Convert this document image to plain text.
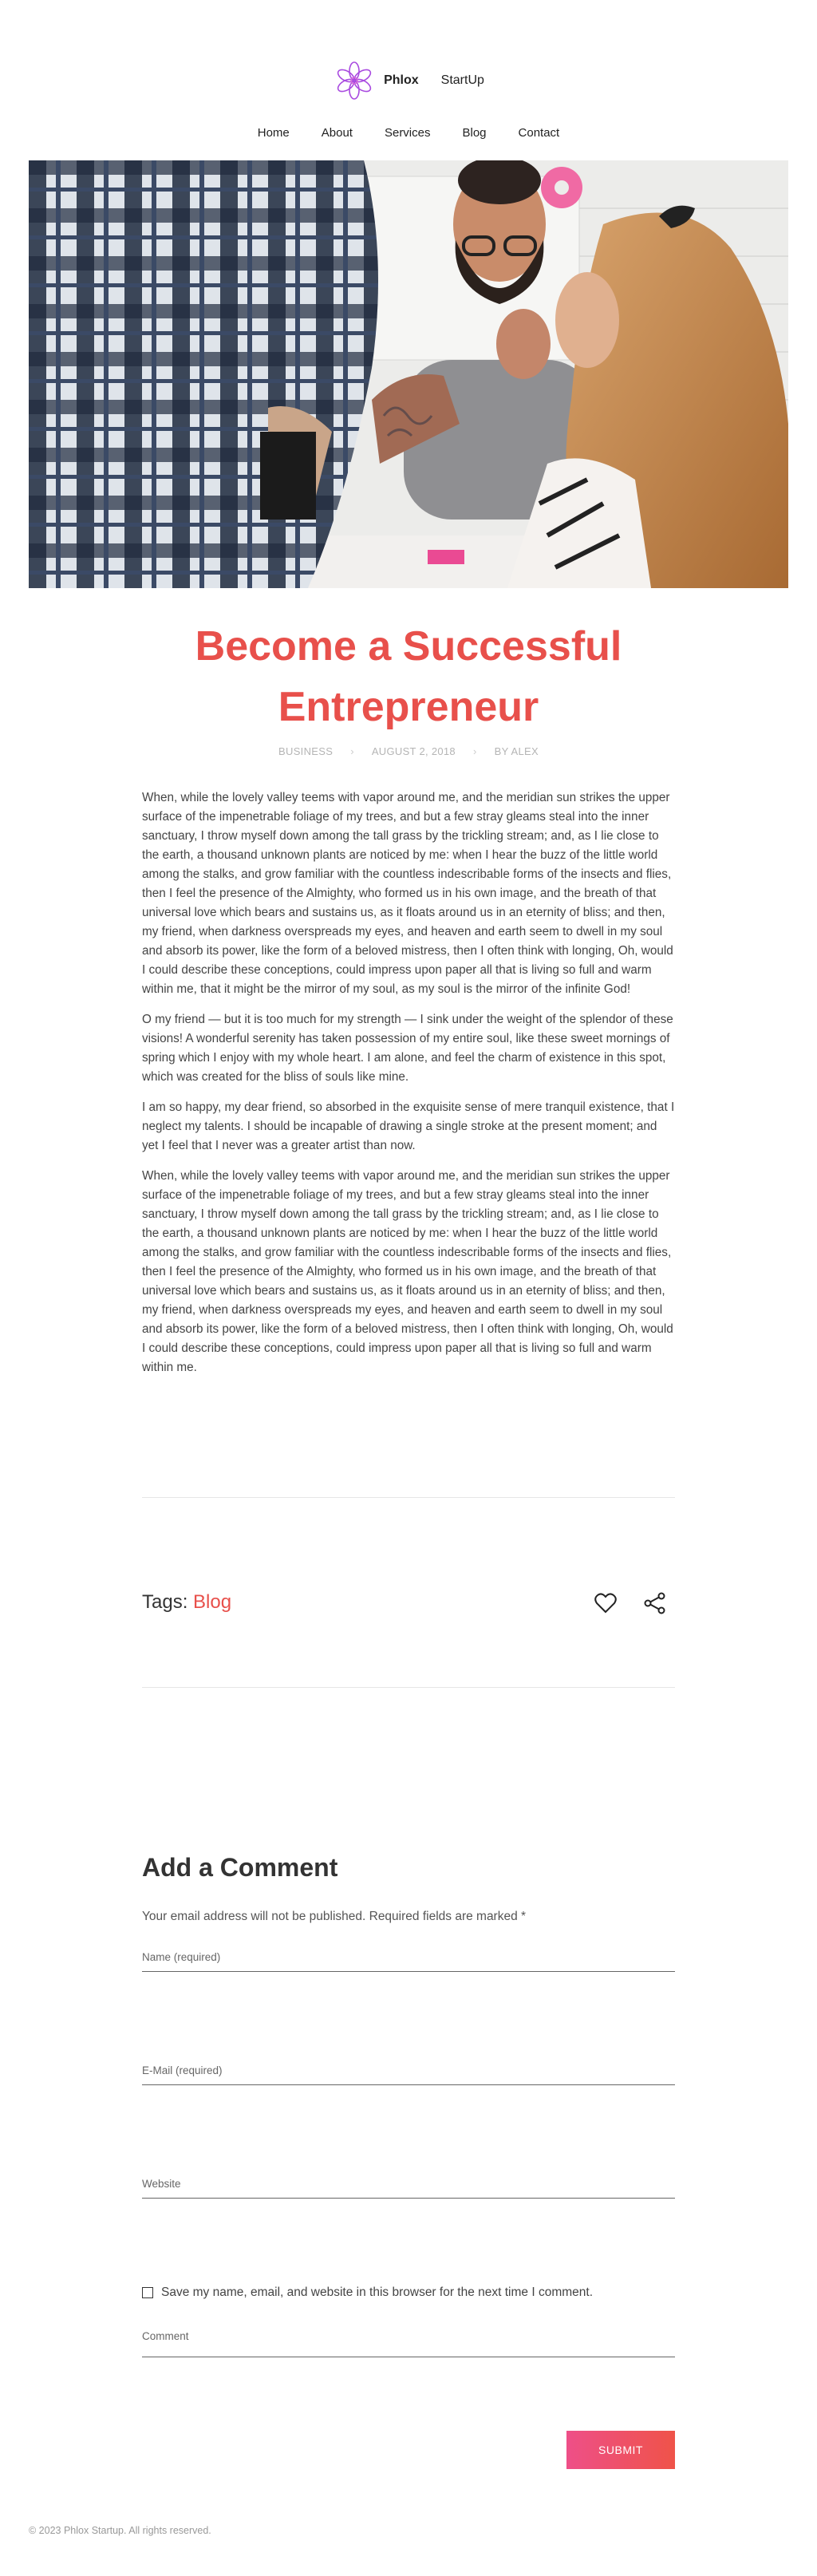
Phlox StartUp
Home	About	Services	Blog	Contact
Become a Successful
Entrepreneur
BUSINESS › AUGUST 2, 2018 › BY ALEX

When, while the lovely valley teems with vapor around me, and the meridian sun strikes the upper surface of the impenetrable foliage of my trees, and but a few stray gleams steal into the inner sanctuary, I throw myself down among the tall grass by the trickling stream; and, as I lie close to the earth, a thousand unknown plants are noticed by me: when I hear the buzz of the little world among the stalks, and grow familiar with the countless indescribable forms of the insects and flies, then I feel the presence of the Almighty, who formed us in his own image, and the breath of that universal love which bears and sustains us, as it floats around us in an eternity of bliss; and then, my friend, when darkness overspreads my eyes, and heaven and earth seem to dwell in my soul and absorb its power, like the form of a beloved mistress, then I often think with longing, Oh, would I could describe these conceptions, could impress upon paper all that is living so full and warm within me, that it might be the mirror of my soul, as my soul is the mirror of the infinite God!

O my friend — but it is too much for my strength — I sink under the weight of the splendor of these visions! A wonderful serenity has taken possession of my entire soul, like these sweet mornings of spring which I enjoy with my whole heart. I am alone, and feel the charm of existence in this spot, which was created for the bliss of souls like mine.

I am so happy, my dear friend, so absorbed in the exquisite sense of mere tranquil existence, that I neglect my talents. I should be incapable of drawing a single stroke at the present moment; and yet I feel that I never was a greater artist than now.

When, while the lovely valley teems with vapor around me, and the meridian sun strikes the upper surface of the impenetrable foliage of my trees, and but a few stray gleams steal into the inner sanctuary, I throw myself down among the tall grass by the trickling stream; and, as I lie close to the earth, a thousand unknown plants are noticed by me: when I hear the buzz of the little world among the stalks, and grow familiar with the countless indescribable forms of the insects and flies, then I feel the presence of the Almighty, who formed us in his own image, and the breath of that universal love which bears and sustains us, as it floats around us in an eternity of bliss; and then, my friend, when darkness overspreads my eyes, and heaven and earth seem to dwell in my soul and absorb its power, like the form of a beloved mistress, then I often think with longing, Oh, would I could describe these conceptions, could impress upon paper all that is living so full and warm within me.

Tags: Blog
Add a Comment

Your email address will not be published. Required fields are marked *

Name (required)
E-Mail (required)
Website
Save my name, email, and website in this browser for the next time I comment.
Comment
SUBMIT
© 2023 Phlox Startup. All rights reserved.
